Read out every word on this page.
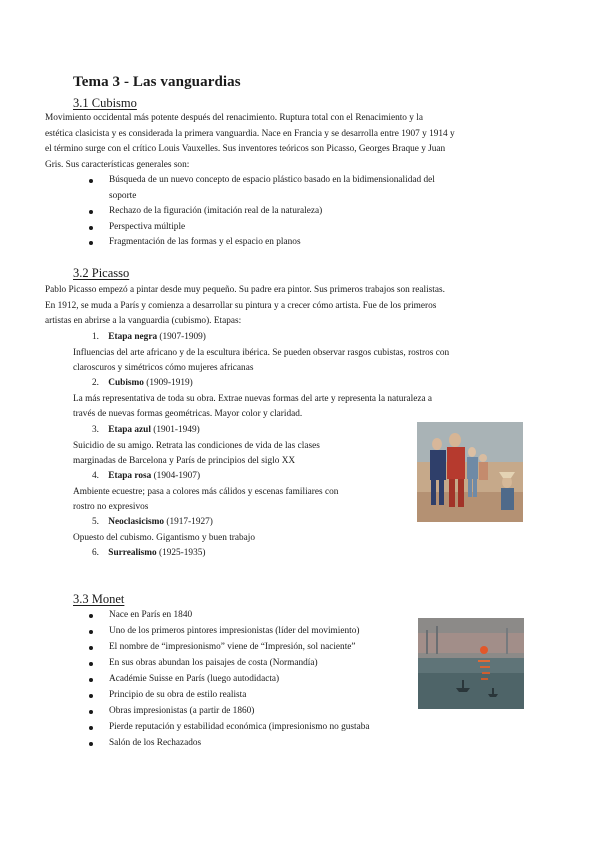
Tema 3 - Las vanguardias
3.1 Cubismo
Movimiento occidental más potente después del renacimiento. Ruptura total con el Renacimiento y la
estética clasicista y es considerada la primera vanguardia. Nace en Francia y se desarrolla entre 1907 y 1914 y
el término surge con el crítico Louis Vauxelles. Sus inventores teóricos son Picasso, Georges Braque y Juan
Gris. Sus características generales son:
Búsqueda de un nuevo concepto de espacio plástico basado en la bidimensionalidad del
soporte
Rechazo de la figuración (imitación real de la naturaleza)
Perspectiva múltiple
Fragmentación de las formas y el espacio en planos
3.2 Picasso
Pablo Picasso empezó a pintar desde muy pequeño. Su padre era pintor. Sus primeros trabajos son realistas.
En 1912, se muda a París y comienza a desarrollar su pintura y a crecer cómo artista. Fue de los primeros
artistas en abrirse a la vanguardia (cubismo). Etapas:
1. Etapa negra (1907-1909)
Influencias del arte africano y de la escultura ibérica. Se pueden observar rasgos cubistas, rostros con
claroscuros y simétricos cómo mujeres africanas
2. Cubismo (1909-1919)
La más representativa de toda su obra. Extrae nuevas formas del arte y representa la naturaleza a
través de nuevas formas geométricas. Mayor color y claridad.
3. Etapa azul (1901-1949)
Suicidio de su amigo. Retrata las condiciones de vida de las clases
marginadas de Barcelona y París de principios del siglo XX
4. Etapa rosa (1904-1907)
Ambiente ecuestre; pasa a colores más cálidos y escenas familiares con
rostro no expresivos
5. Neoclasicismo (1917-1927)
Opuesto del cubismo. Gigantismo y buen trabajo
6. Surrealismo (1925-1935)
3.3 Monet
Nace en París en 1840
Uno de los primeros pintores impresionistas (líder del movimiento)
El nombre de “impresionismo” viene de “Impresión, sol naciente”
En sus obras abundan los paisajes de costa (Normandía)
Académie Suisse en París (luego autodidacta)
Principio de su obra de estilo realista
Obras impresionistas (a partir de 1860)
Pierde reputación y estabilidad económica (impresionismo no gustaba
Salón de los Rechazados
